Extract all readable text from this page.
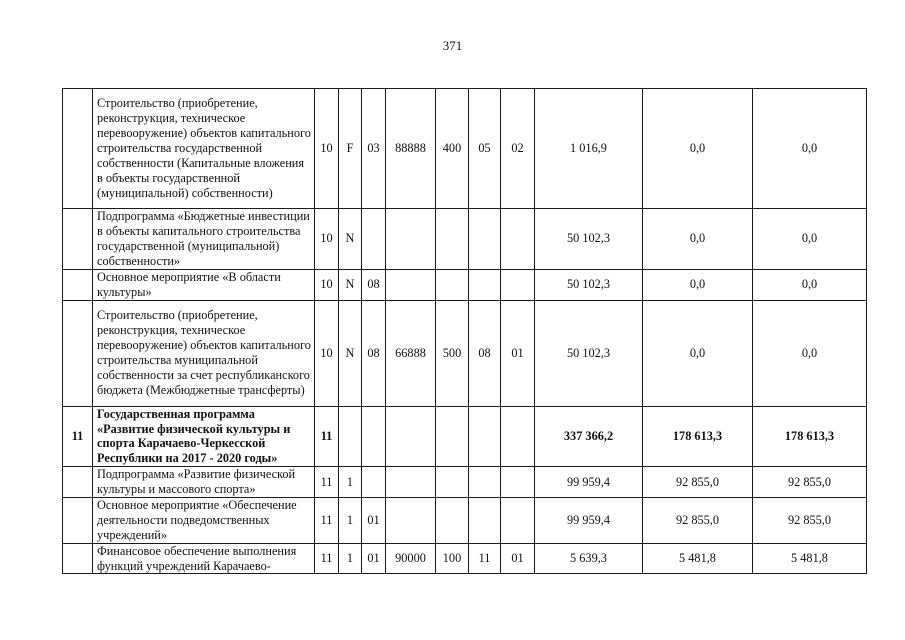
371
	Строительство (приобретение, реконструкция, техническое перевооружение) объектов капитального строительства государственной собственности (Капитальные вложения в объекты государственной (муниципальной) собственности)	10	F	03	88888	400	05	02	1 016,9	0,0	0,0
	Подпрограмма «Бюджетные инвестиции в объекты капитального строительства государственной (муниципальной) собственности»	10	N						50 102,3	0,0	0,0
	Основное мероприятие «В области культуры»	10	N	08					50 102,3	0,0	0,0
	Строительство (приобретение, реконструкция, техническое перевооружение) объектов капитального строительства муниципальной собственности за счет республиканского бюджета (Межбюджетные трансферты)	10	N	08	66888	500	08	01	50 102,3	0,0	0,0
11	Государственная программа «Развитие физической культуры и спорта Карачаево-Черкесской Республики на 2017 - 2020 годы»	11							337 366,2	178 613,3	178 613,3
	Подпрограмма «Развитие физической культуры и массового спорта»	11	1						99 959,4	92 855,0	92 855,0
	Основное мероприятие «Обеспечение деятельности подведомственных учреждений»	11	1	01					99 959,4	92 855,0	92 855,0

	Финансовое обеспечение выполнения функций учреждений Карачаево-	11	1	01	90000	100	11	01	5 639,3	5 481,8	5 481,8
